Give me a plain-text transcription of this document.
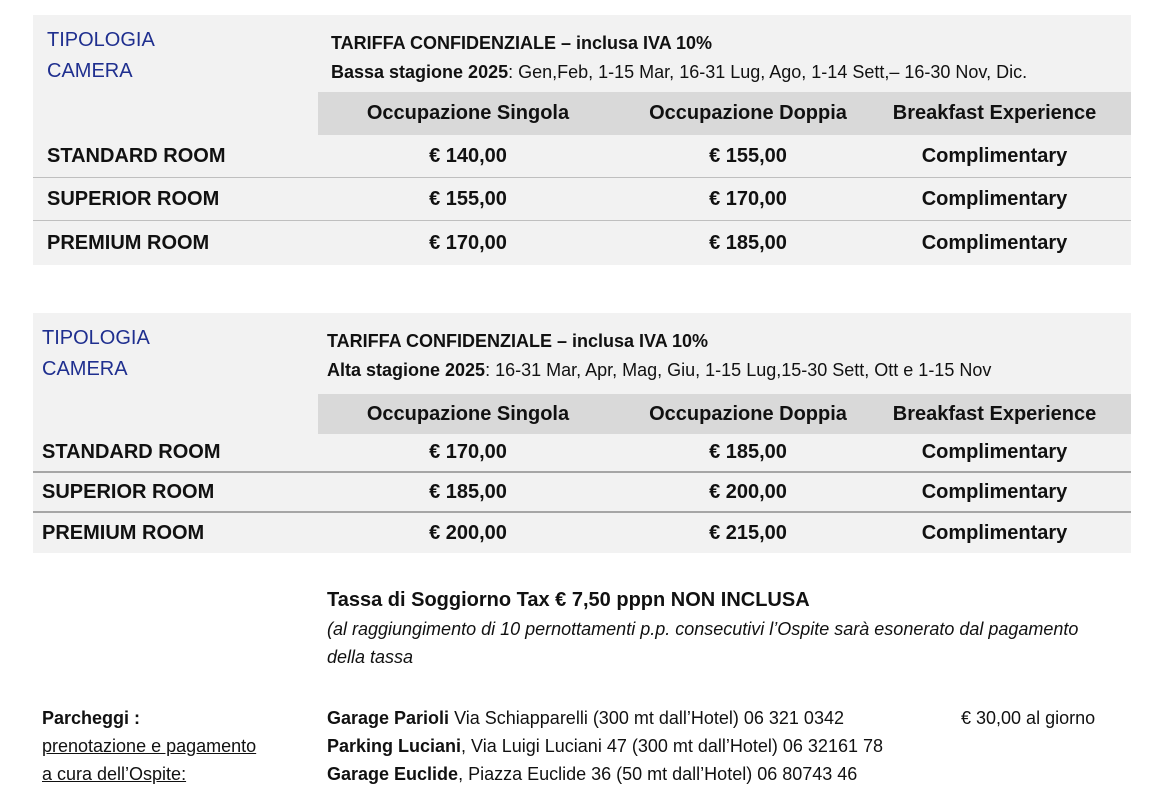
TIPOLOGIA
CAMERA
TARIFFA CONFIDENZIALE – inclusa IVA 10%
Bassa stagione 2025: Gen,Feb, 1-15 Mar, 16-31 Lug, Ago, 1-14 Sett,– 16-30 Nov, Dic.
Occupazione Singola	Occupazione Doppia	Breakfast Experience
STANDARD ROOM	€ 140,00	€ 155,00	Complimentary
SUPERIOR ROOM	€ 155,00	€ 170,00	Complimentary
PREMIUM ROOM	€ 170,00	€ 185,00	Complimentary
TIPOLOGIA
CAMERA
TARIFFA CONFIDENZIALE – inclusa IVA 10%
Alta stagione 2025: 16-31 Mar, Apr, Mag, Giu, 1-15 Lug,15-30 Sett, Ott e 1-15 Nov
Occupazione Singola	Occupazione Doppia	Breakfast Experience
STANDARD ROOM	€ 170,00	€ 185,00	Complimentary
SUPERIOR ROOM	€ 185,00	€ 200,00	Complimentary
PREMIUM ROOM	€ 200,00	€ 215,00	Complimentary
Tassa di Soggiorno Tax € 7,50 pppn NON INCLUSA
(al raggiungimento di 10 pernottamenti p.p. consecutivi l’Ospite sarà esonerato dal pagamento della tassa
Parcheggi :
prenotazione e pagamento
a cura dell’Ospite:
Garage Parioli Via Schiapparelli (300 mt dall’Hotel) 06 321 0342
Parking Luciani, Via Luigi Luciani 47 (300 mt dall’Hotel) 06 32161 78
Garage Euclide, Piazza Euclide 36 (50 mt dall’Hotel) 06 80743 46
€ 30,00 al giorno
